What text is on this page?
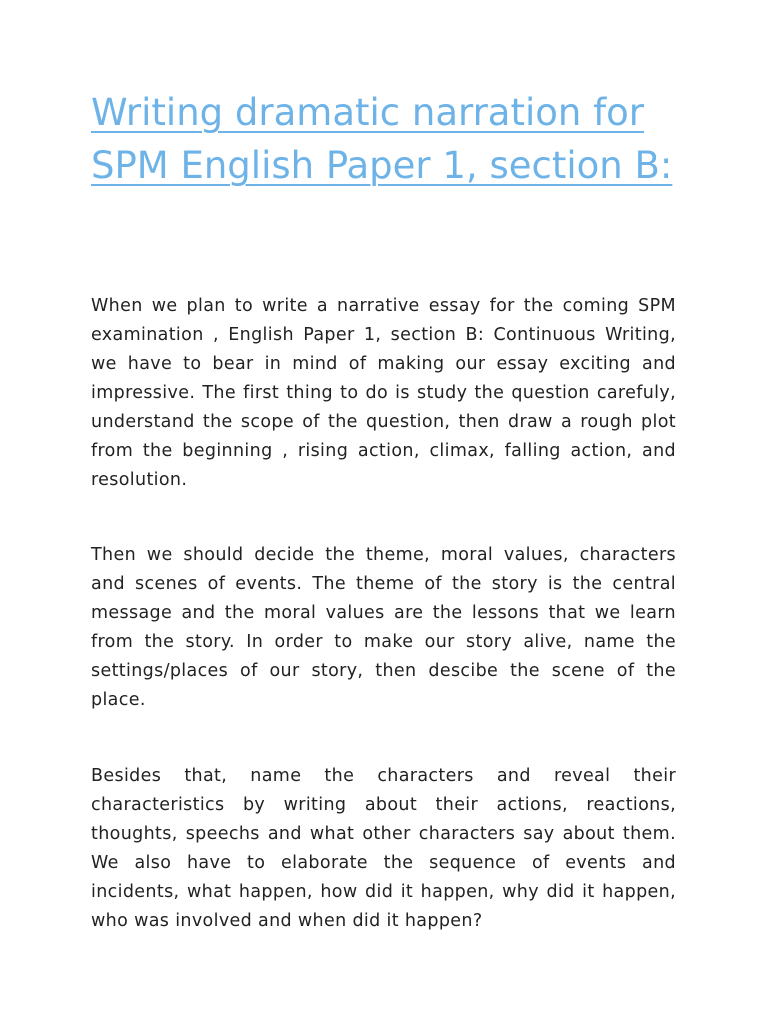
Writing dramatic narration for SPM English Paper 1, section B:

When we plan to write a narrative essay for the coming SPM examination , English Paper 1, section B: Continuous Writing, we have to bear in mind of making our essay exciting and impressive. The first thing to do is study the question carefuly, understand the scope of the question, then draw a rough plot from the beginning , rising action, climax, falling action, and resolution.

Then we should decide the theme, moral values, characters and scenes of events. The theme of the story is the central message and the moral values are the lessons that we learn from the story. In order to make our story alive, name the settings/places of our story, then descibe the scene of the place.

Besides that, name the characters and reveal their characteristics by writing about their actions, reactions, thoughts, speechs and what other characters say about them. We also have to elaborate the sequence of events and incidents, what happen, how did it happen, why did it happen, who was involved and when did it happen?
